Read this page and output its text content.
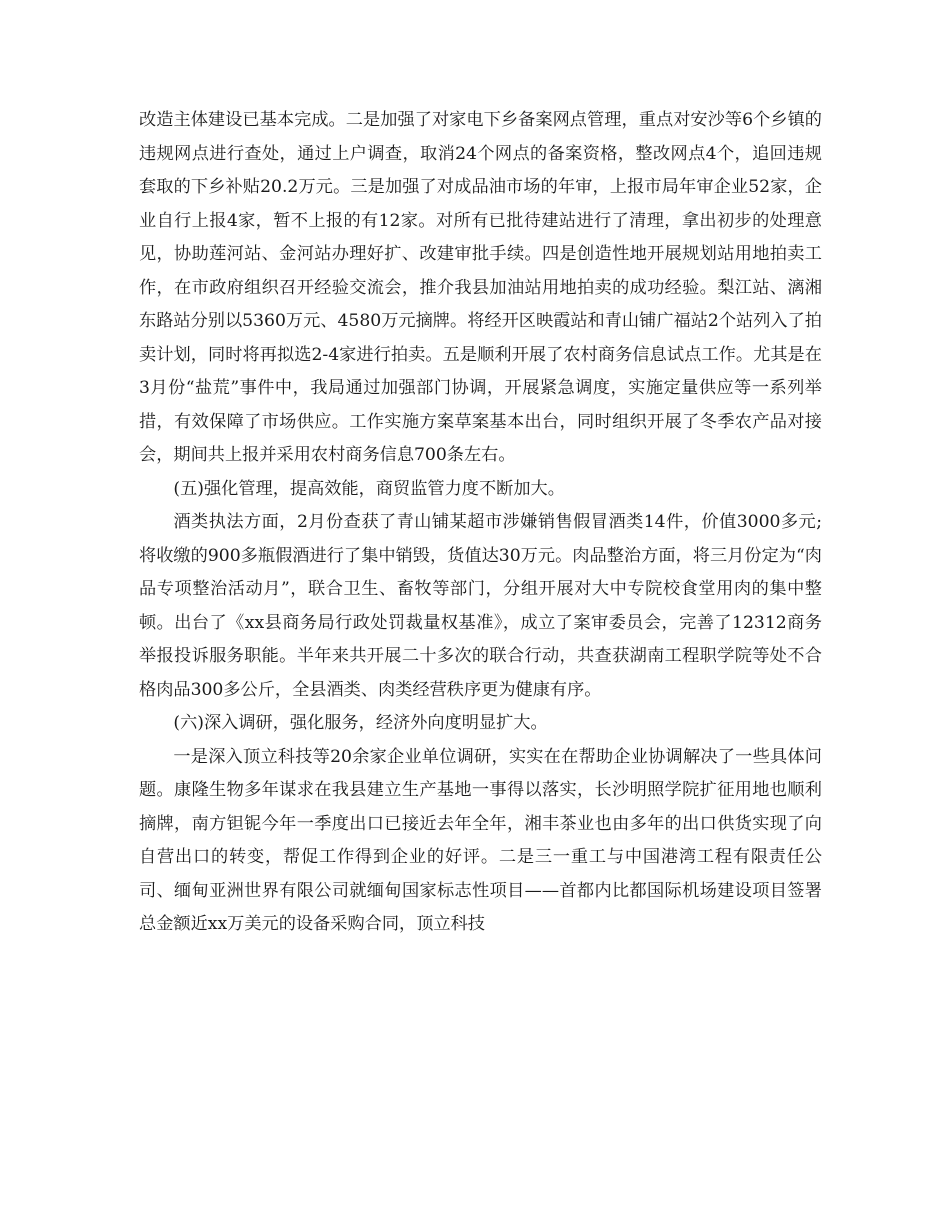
改造主体建设已基本完成。二是加强了对家电下乡备案网点管理，重点对安沙等6个乡镇的违规网点进行查处，通过上户调查，取消24个网点的备案资格，整改网点4个，追回违规套取的下乡补贴20.2万元。三是加强了对成品油市场的年审，上报市局年审企业52家，企业自行上报4家，暂不上报的有12家。对所有已批待建站进行了清理，拿出初步的处理意见，协助莲河站、金河站办理好扩、改建审批手续。四是创造性地开展规划站用地拍卖工作，在市政府组织召开经验交流会，推介我县加油站用地拍卖的成功经验。梨江站、漓湘东路站分别以5360万元、4580万元摘牌。将经开区映霞站和青山铺广福站2个站列入了拍卖计划，同时将再拟选2-4家进行拍卖。五是顺利开展了农村商务信息试点工作。尤其是在3月份“盐荒”事件中，我局通过加强部门协调，开展紧急调度，实施定量供应等一系列举措，有效保障了市场供应。工作实施方案草案基本出台，同时组织开展了冬季农产品对接会，期间共上报并采用农村商务信息700条左右。

(五)强化管理，提高效能，商贸监管力度不断加大。

酒类执法方面，2月份查获了青山铺某超市涉嫌销售假冒酒类14件，价值3000多元;将收缴的900多瓶假酒进行了集中销毁，货值达30万元。肉品整治方面，将三月份定为“肉品专项整治活动月”，联合卫生、畜牧等部门，分组开展对大中专院校食堂用肉的集中整顿。出台了《xx县商务局行政处罚裁量权基准》，成立了案审委员会，完善了12312商务举报投诉服务职能。半年来共开展二十多次的联合行动，共查获湖南工程职学院等处不合格肉品300多公斤，全县酒类、肉类经营秩序更为健康有序。

(六)深入调研，强化服务，经济外向度明显扩大。

一是深入顶立科技等20余家企业单位调研，实实在在帮助企业协调解决了一些具体问题。康隆生物多年谋求在我县建立生产基地一事得以落实，长沙明照学院扩征用地也顺利摘牌，南方钽铌今年一季度出口已接近去年全年，湘丰茶业也由多年的出口供货实现了向自营出口的转变，帮促工作得到企业的好评。二是三一重工与中国港湾工程有限责任公司、缅甸亚洲世界有限公司就缅甸国家标志性项目——首都内比都国际机场建设项目签署总金额近xx万美元的设备采购合同，顶立科技
